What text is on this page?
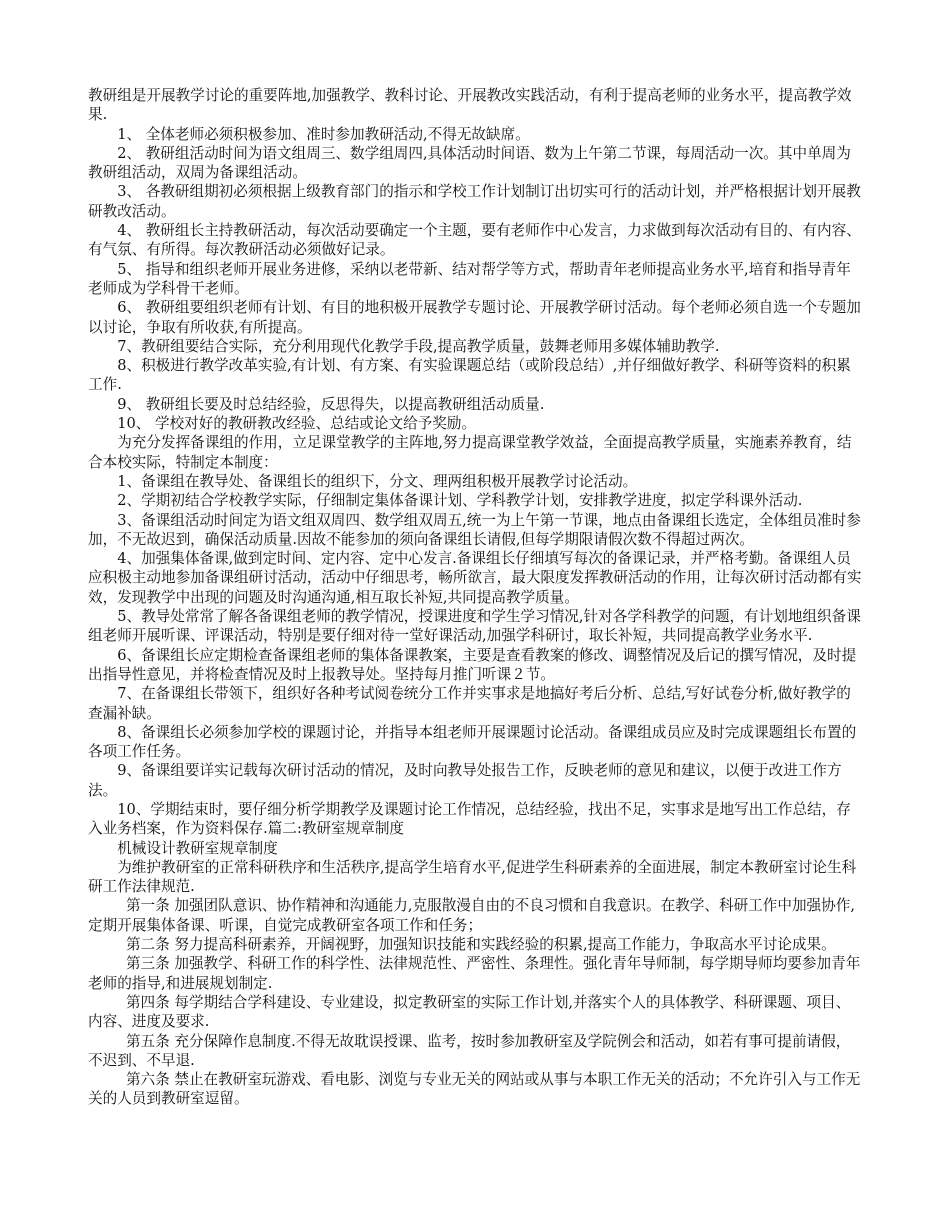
教研组是开展教学讨论的重要阵地,加强教学、教科讨论、开展教改实践活动，有利于提高老师的业务水平，提高教学效果.

1、 全体老师必须积极参加、准时参加教研活动,不得无故缺席。

2、 教研组活动时间为语文组周三、数学组周四,具体活动时间语、数为上午第二节课，每周活动一次。其中单周为教研组活动，双周为备课组活动。

3、 各教研组期初必须根据上级教育部门的指示和学校工作计划制订出切实可行的活动计划，并严格根据计划开展教研教改活动。

4、 教研组长主持教研活动，每次活动要确定一个主题，要有老师作中心发言，力求做到每次活动有目的、有内容、有气氛、有所得。每次教研活动必须做好记录。

5、 指导和组织老师开展业务进修，采纳以老带新、结对帮学等方式，帮助青年老师提高业务水平,培育和指导青年老师成为学科骨干老师。

6、 教研组要组织老师有计划、有目的地积极开展教学专题讨论、开展教学研讨活动。每个老师必须自选一个专题加以讨论，争取有所收获,有所提高。

7、教研组要结合实际，充分利用现代化教学手段,提高教学质量，鼓舞老师用多媒体辅助教学.

8、积极进行教学改革实验,有计划、有方案、有实验课题总结（或阶段总结）,并仔细做好教学、科研等资料的积累工作.

9、 教研组长要及时总结经验，反思得失，以提高教研组活动质量.

10、 学校对好的教研教改经验、总结或论文给予奖励。

为充分发挥备课组的作用，立足课堂教学的主阵地,努力提高课堂教学效益，全面提高教学质量，实施素养教育，结合本校实际，特制定本制度：

1、备课组在教导处、备课组长的组织下，分文、理两组积极开展教学讨论活动。

2、学期初结合学校教学实际，仔细制定集体备课计划、学科教学计划，安排教学进度，拟定学科课外活动.

3、备课组活动时间定为语文组双周四、数学组双周五,统一为上午第一节课，地点由备课组长选定，全体组员准时参加，不无故迟到，确保活动质量.因故不能参加的须向备课组长请假,但每学期限请假次数不得超过两次。

4、加强集体备课,做到定时间、定内容、定中心发言.备课组长仔细填写每次的备课记录，并严格考勤。备课组人员应积极主动地参加备课组研讨活动，活动中仔细思考，畅所欲言，最大限度发挥教研活动的作用，让每次研讨活动都有实效，发现教学中出现的问题及时沟通沟通,相互取长补短,共同提高教学质量。

5、教导处常常了解各备课组老师的教学情况，授课进度和学生学习情况,针对各学科教学的问题，有计划地组织备课组老师开展听课、评课活动，特别是要仔细对待一堂好课活动,加强学科研讨，取长补短，共同提高教学业务水平.

6、备课组长应定期检查备课组老师的集体备课教案，主要是查看教案的修改、调整情况及后记的撰写情况，及时提出指导性意见，并将检查情况及时上报教导处。坚持每月推门听课２节。

7、在备课组长带领下，组织好各种考试阅卷统分工作并实事求是地搞好考后分析、总结,写好试卷分析,做好教学的查漏补缺。

8、备课组长必须参加学校的课题讨论，并指导本组老师开展课题讨论活动。备课组成员应及时完成课题组长布置的各项工作任务。

9、备课组要详实记载每次研讨活动的情况，及时向教导处报告工作，反映老师的意见和建议，以便于改进工作方法。

10、学期结束时，要仔细分析学期教学及课题讨论工作情况，总结经验，找出不足，实事求是地写出工作总结，存入业务档案，作为资料保存.篇二:教研室规章制度

机械设计教研室规章制度

为维护教研室的正常科研秩序和生活秩序,提高学生培育水平,促进学生科研素养的全面进展，制定本教研室讨论生科研工作法律规范.

第一条 加强团队意识、协作精神和沟通能力,克服散漫自由的不良习惯和自我意识。在教学、科研工作中加强协作,定期开展集体备课、听课，自觉完成教研室各项工作和任务；

第二条 努力提高科研素养，开阔视野，加强知识技能和实践经验的积累,提高工作能力，争取高水平讨论成果。

第三条 加强教学、科研工作的科学性、法律规范性、严密性、条理性。强化青年导师制，每学期导师均要参加青年老师的指导,和进展规划制定.

第四条 每学期结合学科建设、专业建设，拟定教研室的实际工作计划,并落实个人的具体教学、科研课题、项目、内容、进度及要求.

第五条 充分保障作息制度.不得无故耽误授课、监考，按时参加教研室及学院例会和活动，如若有事可提前请假，不迟到、不早退.

第六条 禁止在教研室玩游戏、看电影、浏览与专业无关的网站或从事与本职工作无关的活动；不允许引入与工作无关的人员到教研室逗留。
